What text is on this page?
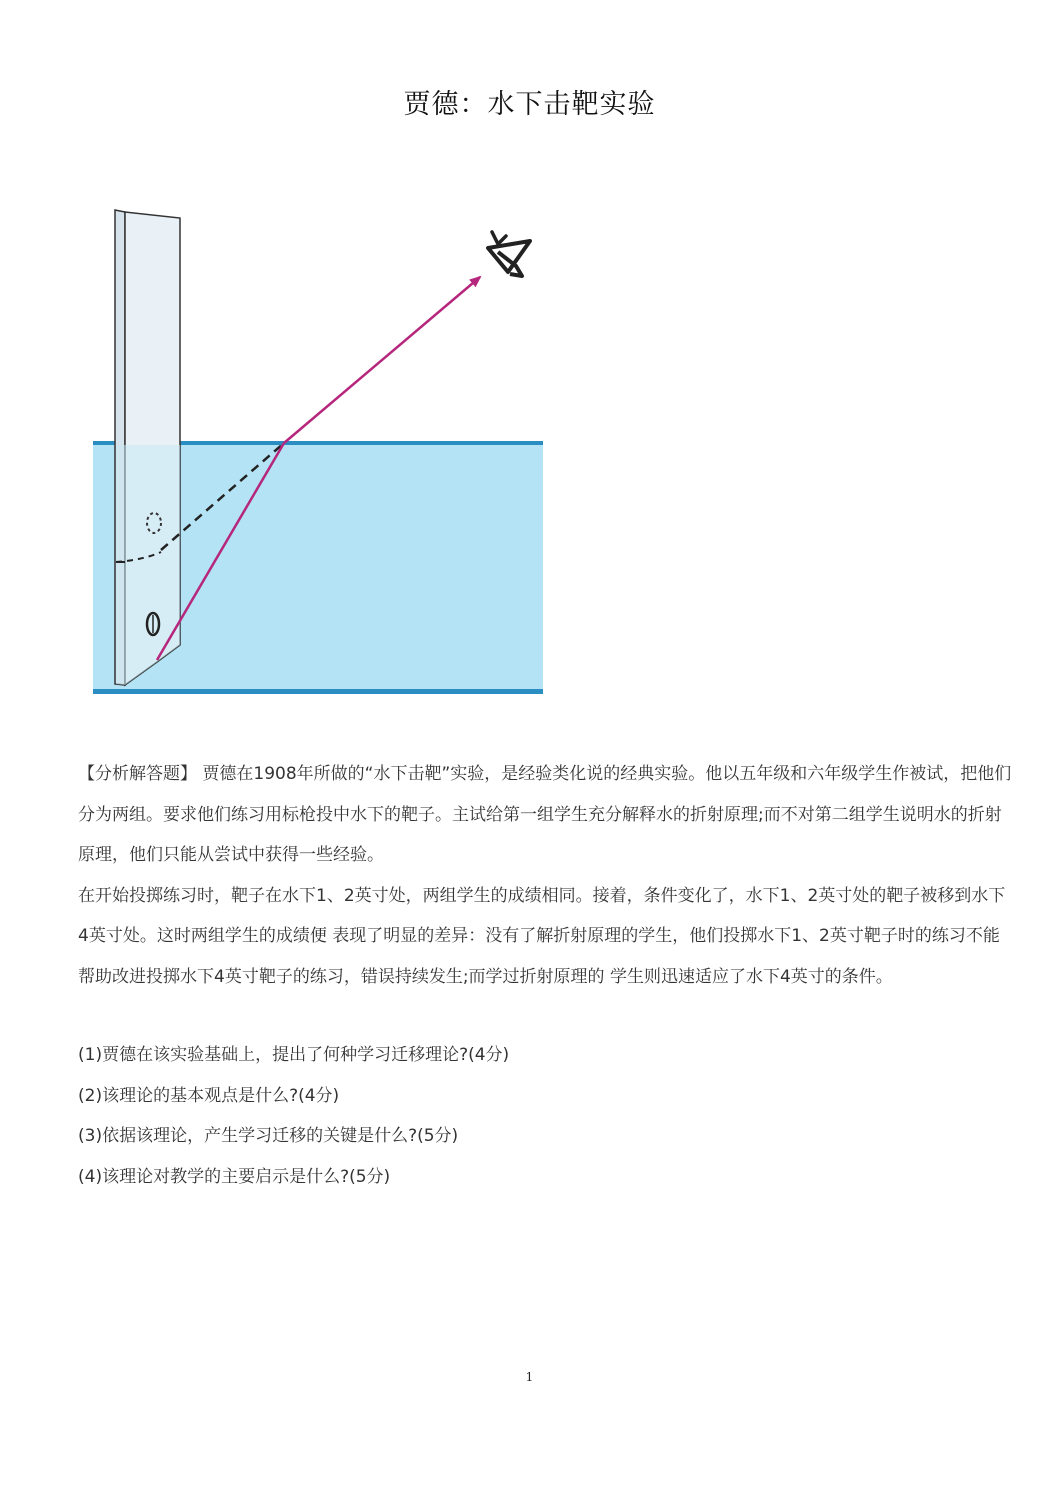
贾德：水下击靶实验

【分析解答题】 贾德在1908年所做的“水下击靶”实验，是经验类化说的经典实验。他以五年级和六年级学生作被试，把他们分为两组。要求他们练习用标枪投中水下的靶子。主试给第一组学生充分解释水的折射原理;而不对第二组学生说明水的折射原理，他们只能从尝试中获得一些经验。

在开始投掷练习时，靶子在水下1、2英寸处，两组学生的成绩相同。接着，条件变化了，水下1、2英寸处的靶子被移到水下4英寸处。这时两组学生的成绩便 表现了明显的差异：没有了解折射原理的学生，他们投掷水下1、2英寸靶子时的练习不能帮助改进投掷水下4英寸靶子的练习，错误持续发生;而学过折射原理的 学生则迅速适应了水下4英寸的条件。

(1)贾德在该实验基础上，提出了何种学习迁移理论?(4分)
(2)该理论的基本观点是什么?(4分)
(3)依据该理论，产生学习迁移的关键是什么?(5分)
(4)该理论对教学的主要启示是什么?(5分)
1
